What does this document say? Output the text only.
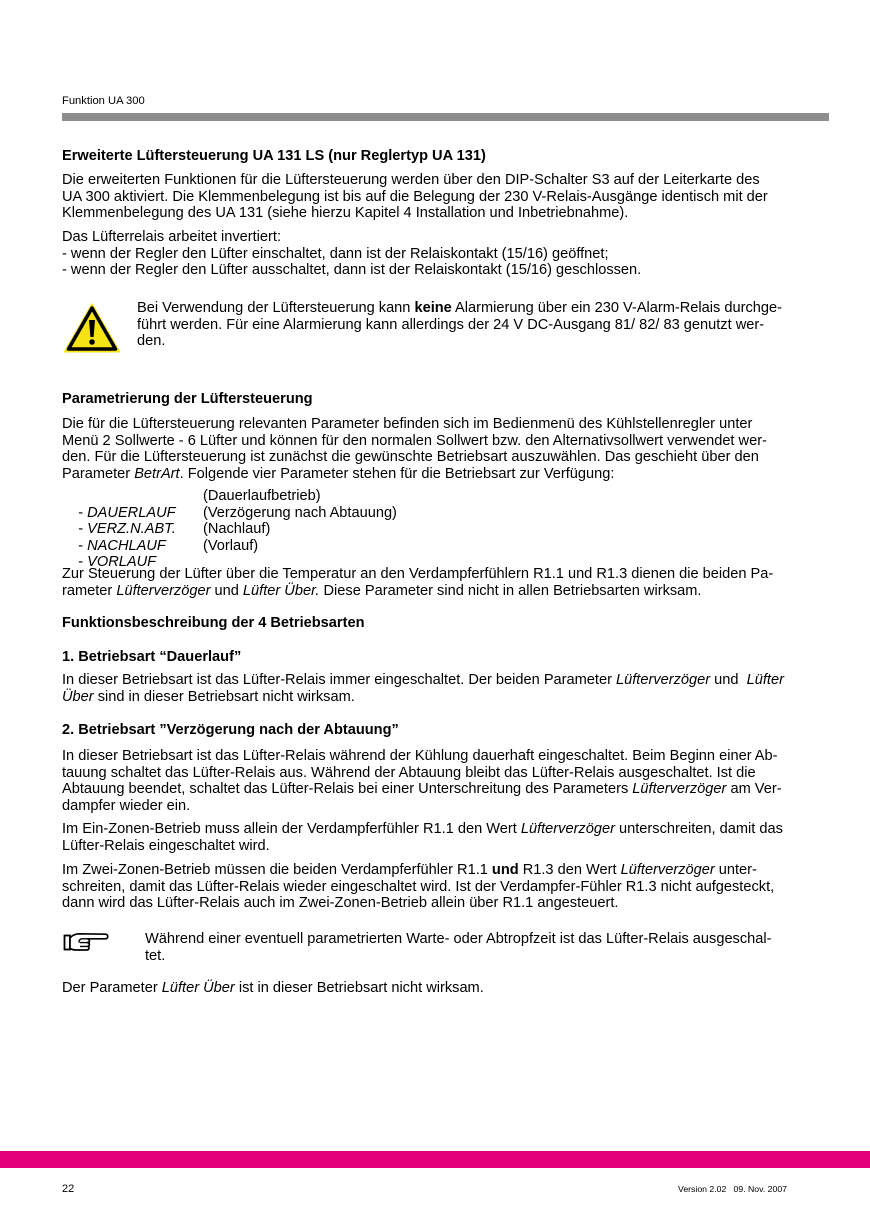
Funktion UA 300
Erweiterte Lüftersteuerung UA 131 LS (nur Reglertyp UA 131)
Die erweiterten Funktionen für die Lüftersteuerung werden über den DIP-Schalter S3 auf der Leiterkarte des
UA 300 aktiviert. Die Klemmenbelegung ist bis auf die Belegung der 230 V-Relais-Ausgänge identisch mit der
Klemmenbelegung des UA 131 (siehe hierzu Kapitel 4 Installation und Inbetriebnahme).
Das Lüfterrelais arbeitet invertiert:
- wenn der Regler den Lüfter einschaltet, dann ist der Relaiskontakt (15/16) geöffnet;
- wenn der Regler den Lüfter ausschaltet, dann ist der Relaiskontakt (15/16) geschlossen.
Bei Verwendung der Lüftersteuerung kann keine Alarmierung über ein 230 V-Alarm-Relais durchge-
führt werden. Für eine Alarmierung kann allerdings der 24 V DC-Ausgang 81/ 82/ 83 genutzt wer-
den.
Parametrierung der Lüftersteuerung
Die für die Lüftersteuerung relevanten Parameter befinden sich im Bedienmenü des Kühlstellenregler unter
Menü 2 Sollwerte - 6 Lüfter und können für den normalen Sollwert bzw. den Alternativsollwert verwendet wer-
den. Für die Lüftersteuerung ist zunächst die gewünschte Betriebsart auszuwählen. Das geschieht über den
Parameter BetrArt. Folgende vier Parameter stehen für die Betriebsart zur Verfügung:

- DAUERLAUF

(Dauerlaufbetrieb)

- VERZ.N.ABT.

(Verzögerung nach Abtauung)

- NACHLAUF

(Nachlauf)

- VORLAUF

(Vorlauf)

Zur Steuerung der Lüfter über die Temperatur an den Verdampferfühlern R1.1 und R1.3 dienen die beiden Pa-
rameter Lüfterverzöger und Lüfter Über. Diese Parameter sind nicht in allen Betriebsarten wirksam.
Funktionsbeschreibung der 4 Betriebsarten
1. Betriebsart “Dauerlauf”
In dieser Betriebsart ist das Lüfter-Relais immer eingeschaltet. Der beiden Parameter Lüfterverzöger und  Lüfter
Über sind in dieser Betriebsart nicht wirksam.
2. Betriebsart ”Verzögerung nach der Abtauung”
In dieser Betriebsart ist das Lüfter-Relais während der Kühlung dauerhaft eingeschaltet. Beim Beginn einer Ab-
tauung schaltet das Lüfter-Relais aus. Während der Abtauung bleibt das Lüfter-Relais ausgeschaltet. Ist die
Abtauung beendet, schaltet das Lüfter-Relais bei einer Unterschreitung des Parameters Lüfterverzöger am Ver-
dampfer wieder ein.
Im Ein-Zonen-Betrieb muss allein der Verdampferfühler R1.1 den Wert Lüfterverzöger unterschreiten, damit das
Lüfter-Relais eingeschaltet wird.
Im Zwei-Zonen-Betrieb müssen die beiden Verdampferfühler R1.1 und R1.3 den Wert Lüfterverzöger unter-
schreiten, damit das Lüfter-Relais wieder eingeschaltet wird. Ist der Verdampfer-Fühler R1.3 nicht aufgesteckt,
dann wird das Lüfter-Relais auch im Zwei-Zonen-Betrieb allein über R1.1 angesteuert.
Während einer eventuell parametrierten Warte- oder Abtropfzeit ist das Lüfter-Relais ausgeschal-
tet.
Der Parameter Lüfter Über ist in dieser Betriebsart nicht wirksam.
22	Version 2.02   09. Nov. 2007
